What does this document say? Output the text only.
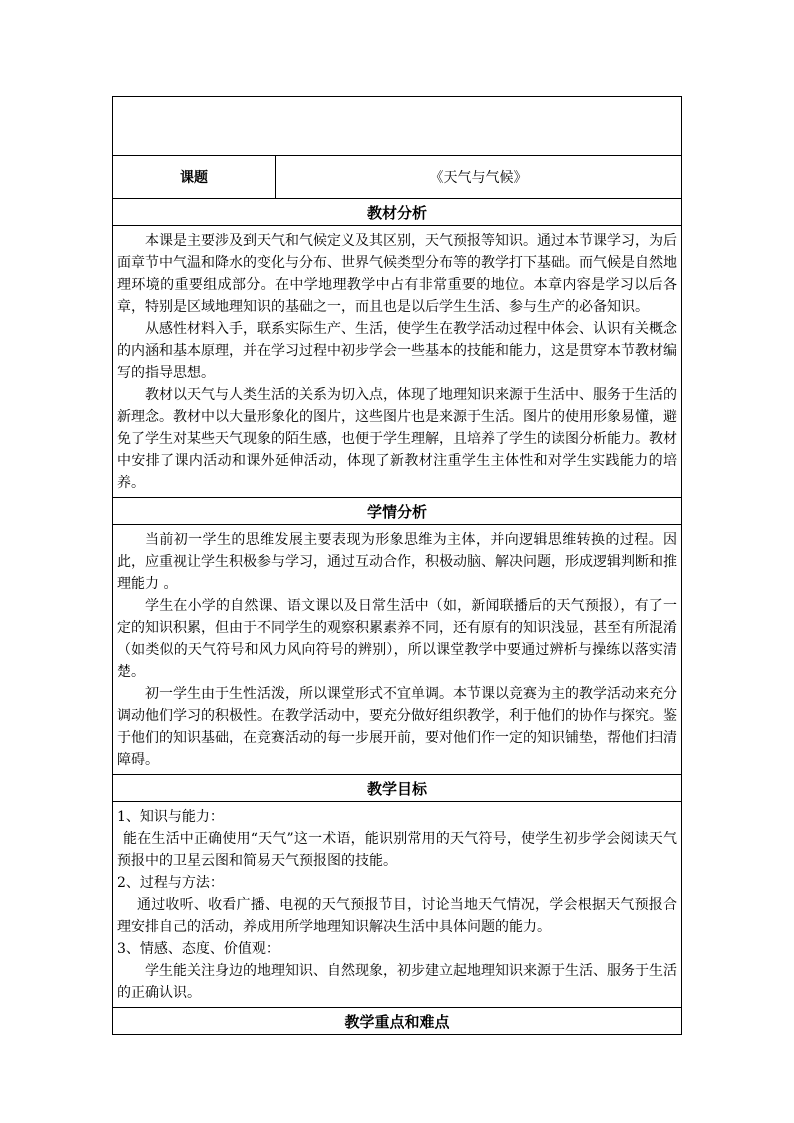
课题	《天气与气候》
教材分析

本课是主要涉及到天气和气候定义及其区别，天气预报等知识。通过本节课学习，为后面章节中气温和降水的变化与分布、世界气候类型分布等的教学打下基础。而气候是自然地理环境的重要组成部分。在中学地理教学中占有非常重要的地位。本章内容是学习以后各章，特别是区域地理知识的基础之一，而且也是以后学生生活、参与生产的必备知识。

从感性材料入手，联系实际生产、生活，使学生在教学活动过程中体会、认识有关概念的内涵和基本原理，并在学习过程中初步学会一些基本的技能和能力，这是贯穿本节教材编写的指导思想。

教材以天气与人类生活的关系为切入点，体现了地理知识来源于生活中、服务于生活的新理念。教材中以大量形象化的图片，这些图片也是来源于生活。图片的使用形象易懂，避免了学生对某些天气现象的陌生感，也便于学生理解，且培养了学生的读图分析能力。教材中安排了课内活动和课外延伸活动，体现了新教材注重学生主体性和对学生实践能力的培养。

学情分析

当前初一学生的思维发展主要表现为形象思维为主体，并向逻辑思维转换的过程。因此，应重视让学生积极参与学习，通过互动合作，积极动脑、解决问题，形成逻辑判断和推理能力 。

学生在小学的自然课、语文课以及日常生活中（如，新闻联播后的天气预报），有了一定的知识积累，但由于不同学生的观察积累素养不同，还有原有的知识浅显，甚至有所混淆（如类似的天气符号和风力风向符号的辨别），所以课堂教学中要通过辨析与操练以落实清楚。

初一学生由于生性活泼，所以课堂形式不宜单调。本节课以竞赛为主的教学活动来充分调动他们学习的积极性。在教学活动中，要充分做好组织教学，利于他们的协作与探究。鉴于他们的知识基础，在竞赛活动的每一步展开前，要对他们作一定的知识铺垫，帮他们扫清障碍。

教学目标

1、知识与能力：

能在生活中正确使用“天气”这一术语，能识别常用的天气符号，使学生初步学会阅读天气预报中的卫星云图和简易天气预报图的技能。

2、过程与方法：

通过收听、收看广播、电视的天气预报节目，讨论当地天气情况，学会根据天气预报合理安排自己的活动，养成用所学地理知识解决生活中具体问题的能力。

3、情感、态度、价值观：

学生能关注身边的地理知识、自然现象，初步建立起地理知识来源于生活、服务于生活的正确认识。

教学重点和难点
